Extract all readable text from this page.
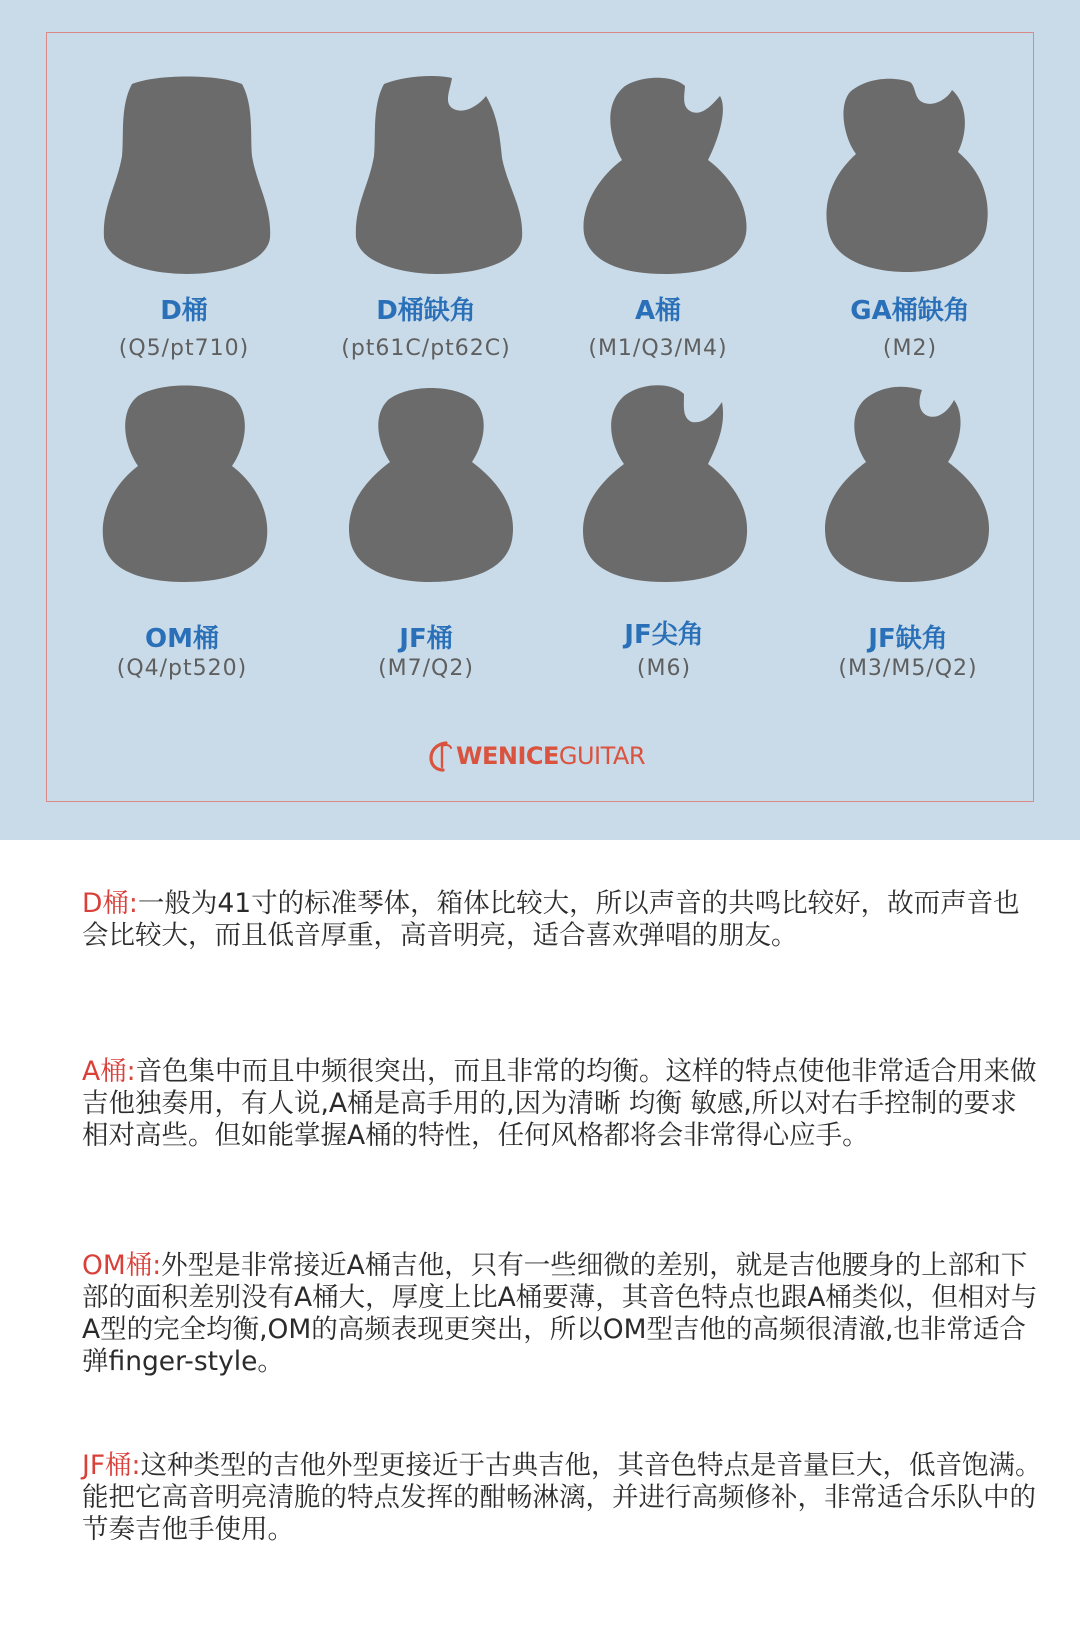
D桶
(Q5/pt710)
D桶缺角
(pt61C/pt62C)
A桶
(M1/Q3/M4)
GA桶缺角
(M2)
OM桶
(Q4/pt520)
JF桶
(M7/Q2)
JF尖角
(M6)
JF缺角
(M3/M5/Q2)
WENICEGUITAR

D桶:一般为41寸的标准琴体，箱体比较大，所以声音的共鸣比较好，故而声音也会比较大，而且低音厚重，高音明亮，适合喜欢弹唱的朋友。

A桶:音色集中而且中频很突出，而且非常的均衡。这样的特点使他非常适合用来做吉他独奏用，有人说,A桶是高手用的,因为清晰 均衡 敏感,所以对右手控制的要求相对高些。但如能掌握A桶的特性，任何风格都将会非常得心应手。

OM桶:外型是非常接近A桶吉他，只有一些细微的差别，就是吉他腰身的上部和下部的面积差别没有A桶大，厚度上比A桶要薄，其音色特点也跟A桶类似，但相对与A型的完全均衡,OM的高频表现更突出，所以OM型吉他的高频很清澈,也非常适合弹finger-style。

JF桶:这种类型的吉他外型更接近于古典吉他，其音色特点是音量巨大，低音饱满。能把它高音明亮清脆的特点发挥的酣畅淋漓，并进行高频修补，非常适合乐队中的节奏吉他手使用。
